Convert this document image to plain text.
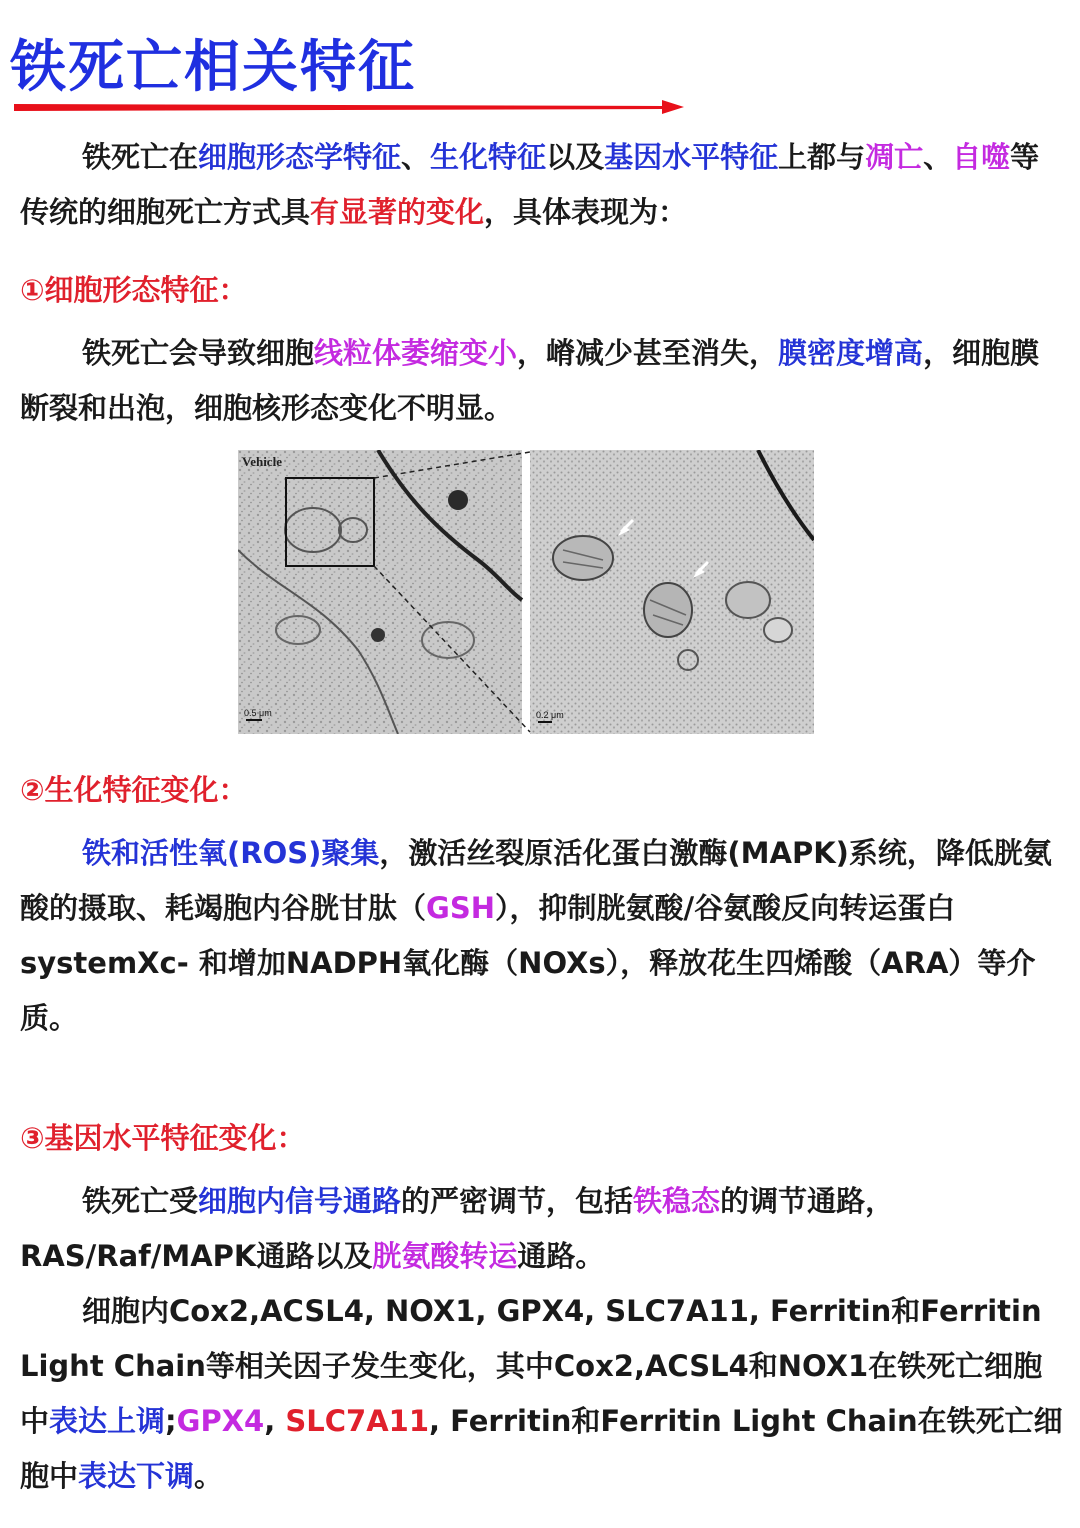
铁死亡相关特征

铁死亡在细胞形态学特征、生化特征以及基因水平特征上都与凋亡、自噬等传统的细胞死亡方式具有显著的变化，具体表现为：

①细胞形态特征：

铁死亡会导致细胞线粒体萎缩变小，嵴减少甚至消失，膜密度增高，细胞膜断裂和出泡，细胞核形态变化不明显。

Vehicle
0.5 μm	0.2 μm
②生化特征变化：

铁和活性氧(ROS)聚集，激活丝裂原活化蛋白激酶(MAPK)系统，降低胱氨酸的摄取、耗竭胞内谷胱甘肽（GSH），抑制胱氨酸/谷氨酸反向转运蛋白systemXc- 和增加NADPH氧化酶（NOXs），释放花生四烯酸（ARA）等介质。

③基因水平特征变化：

铁死亡受细胞内信号通路的严密调节，包括铁稳态的调节通路，RAS/Raf/MAPK通路以及胱氨酸转运通路。

细胞内Cox2,ACSL4, NOX1, GPX4, SLC7A11, Ferritin和Ferritin Light Chain等相关因子发生变化，其中Cox2,ACSL4和NOX1在铁死亡细胞中表达上调;GPX4, SLC7A11, Ferritin和Ferritin Light Chain在铁死亡细胞中表达下调。
